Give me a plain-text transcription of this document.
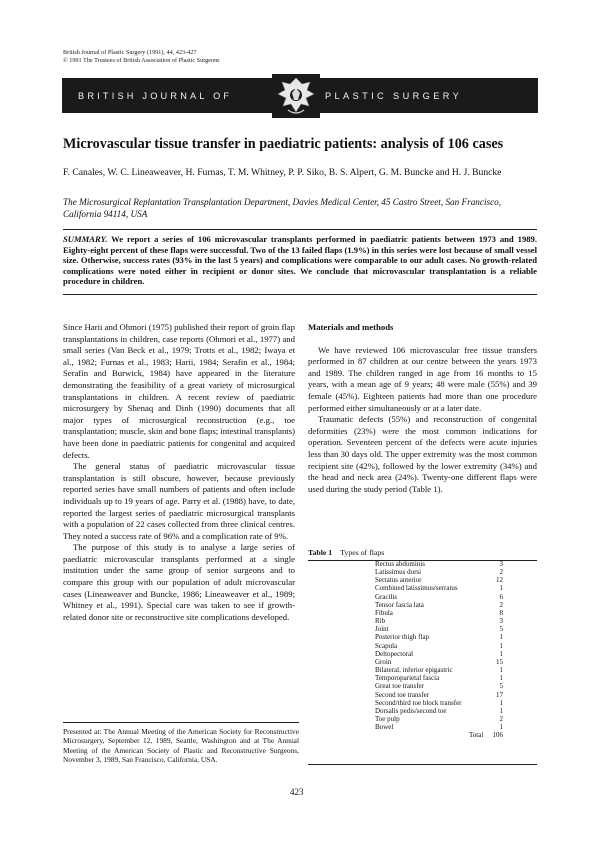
British Journal of Plastic Surgery (1991), 44, 423-427
© 1991 The Trustees of British Association of Plastic Surgeons
BRITISH JOURNAL OF	PLASTIC SURGERY
Microvascular tissue transfer in paediatric patients: analysis of 106 cases
F. Canales, W. C. Lineaweaver, H. Furnas, T. M. Whitney, P. P. Siko, B. S. Alpert, G. M. Buncke and H. J. Buncke
The Microsurgical Replantation Transplantation Department, Davies Medical Center, 45 Castro Street, San Francisco, California 94114, USA
SUMMARY. We report a series of 106 microvascular transplants performed in paediatric patients between 1973 and 1989. Eighty-eight percent of these flaps were successful. Two of the 13 failed flaps (1.9%) in this series were lost because of small vessel size. Otherwise, success rates (93% in the last 5 years) and complications were comparable to our adult cases. No growth-related complications were noted either in recipient or donor sites. We conclude that microvascular transplantation is a reliable procedure in children.

Since Harii and Ohmori (1975) published their report of groin flap transplantations in children, case reports (Ohmori et al., 1977) and small series (Van Beck et al., 1979; Trotts et al., 1982; Iwaya et al., 1982; Furnas et al., 1983; Harii, 1984; Serafin et al., 1984; Serafin and Burwick, 1984) have appeared in the literature demonstrating the feasibility of a great variety of microsurgical transplantations in children. A recent review of paediatric microsurgery by Shenaq and Dinh (1990) documents that all major types of microsurgical reconstruction (e.g., toe transplantation; muscle, skin and bone flaps; intestinal transplants) have been done in paediatric patients for congenital and acquired defects.

The general status of paediatric microvascular tissue transplantation is still obscure, however, because previously reported series have small numbers of patients and often include individuals up to 19 years of age. Parry et al. (1988) have, to date, reported the largest series of paediatric microsurgical transplants with a population of 22 cases collected from three clinical centres. They noted a success rate of 96% and a complication rate of 9%.

The purpose of this study is to analyse a large series of paediatric microvascular transplants performed at a single institution under the same group of senior surgeons and to compare this group with our population of adult microvascular cases (Lineaweaver and Buncke, 1986; Lineaweaver et al., 1989; Whitney et al., 1991). Special care was taken to see if growth-related donor site or reconstructive site complications developed.

Materials and methods

We have reviewed 106 microvascular free tissue transfers performed in 87 children at our centre between the years 1973 and 1989. The children ranged in age from 16 months to 15 years, with a mean age of 9 years; 48 were male (55%) and 39 female (45%). Eighteen patients had more than one procedure performed either simultaneously or at a later date.

Traumatic defects (55%) and reconstruction of congenital deformities (23%) were the most common indications for operation. Seventeen percent of the defects were acute injuries less than 30 days old. The upper extremity was the most common recipient site (42%), followed by the lower extremity (34%) and the head and neck area (24%). Twenty-one different flaps were used during the study period (Table 1).

Table 1 Types of flaps
Rectus abdominis	3
Latissimus dorsi	2
Serratus anterior	12
Combined latissimus/serratus	1
Gracilis	6
Tensor fascia lata	2
Fibula	8
Rib	3
Joint	5
Posterior thigh flap	1
Scapula	1
Deltopectoral	1
Groin	15
Bilateral, inferior epigastric	1
Temporoparietal fascia	1
Great toe transfer	5
Second toe transfer	17
Second/third toe block transfer	1
Dorsalis pedis/second toe	1
Toe pulp	2
Bowel	1
Total 106
Presented at: The Annual Meeting of the American Society for Reconstructive Microsurgery, September 12, 1989, Seattle, Washington and at The Annual Meeting of the American Society of Plastic and Reconstructive Surgeons, November 3, 1989, San Francisco, California, USA.
423
